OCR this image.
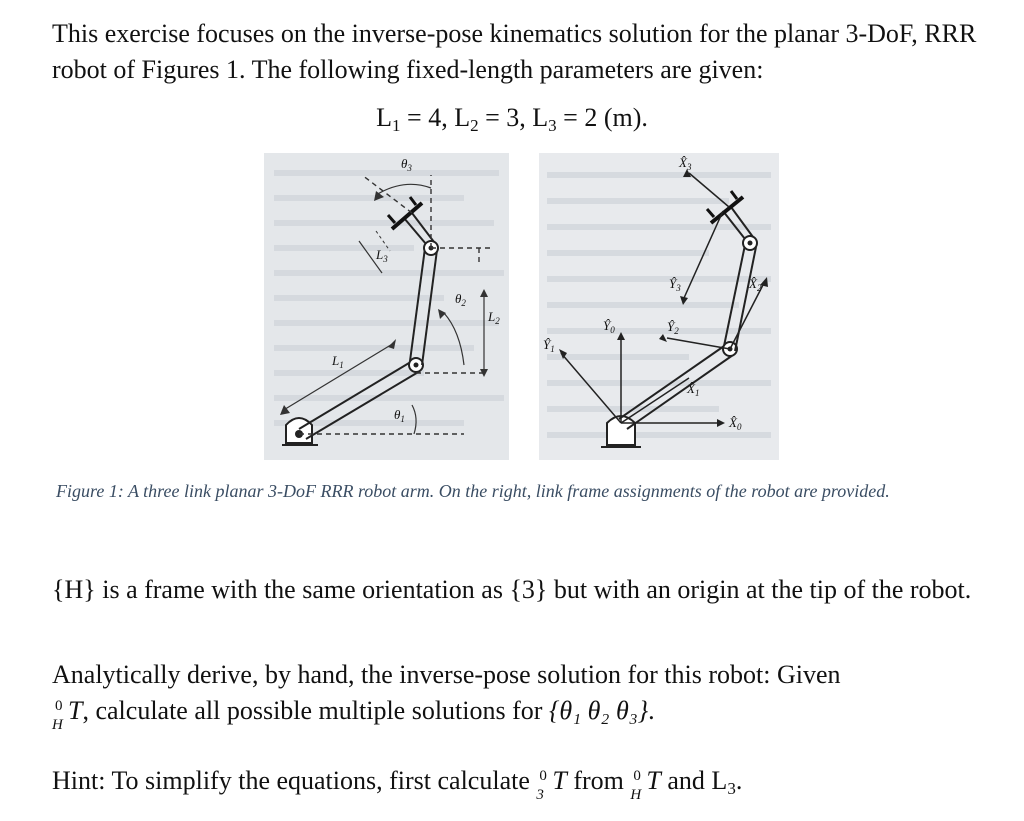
This exercise focuses on the inverse-pose kinematics solution for the planar 3-DoF, RRR robot of Figures 1. The following fixed-length parameters are given:

$L_1 = 4$, $L_2 = 3$, $L_3 = 2$ (m).
$\theta_3$
$\theta_2$
$\theta_1$
$L_1$
$L_2$
$L_3$
$X̂_3$
$Ŷ_3$	$X̂_2$
$Ŷ_2$
$Ŷ_0$
$Ŷ_1$
$X̂_1$
$X̂_0$
Figure 1: A three link planar 3-DoF RRR robot arm. On the right, link frame assignments of the robot are provided.

{H} is a frame with the same orientation as {3} but with an origin at the tip of the robot.

Analytically derive, by hand, the inverse-pose solution for this robot: Given

0
H T, calculate all possible multiple solutions for {θ₁ θ₂ θ₃}.

Hint: To simplify the equations, first calculate 0
3 T from 0
H T and $L_3$.
